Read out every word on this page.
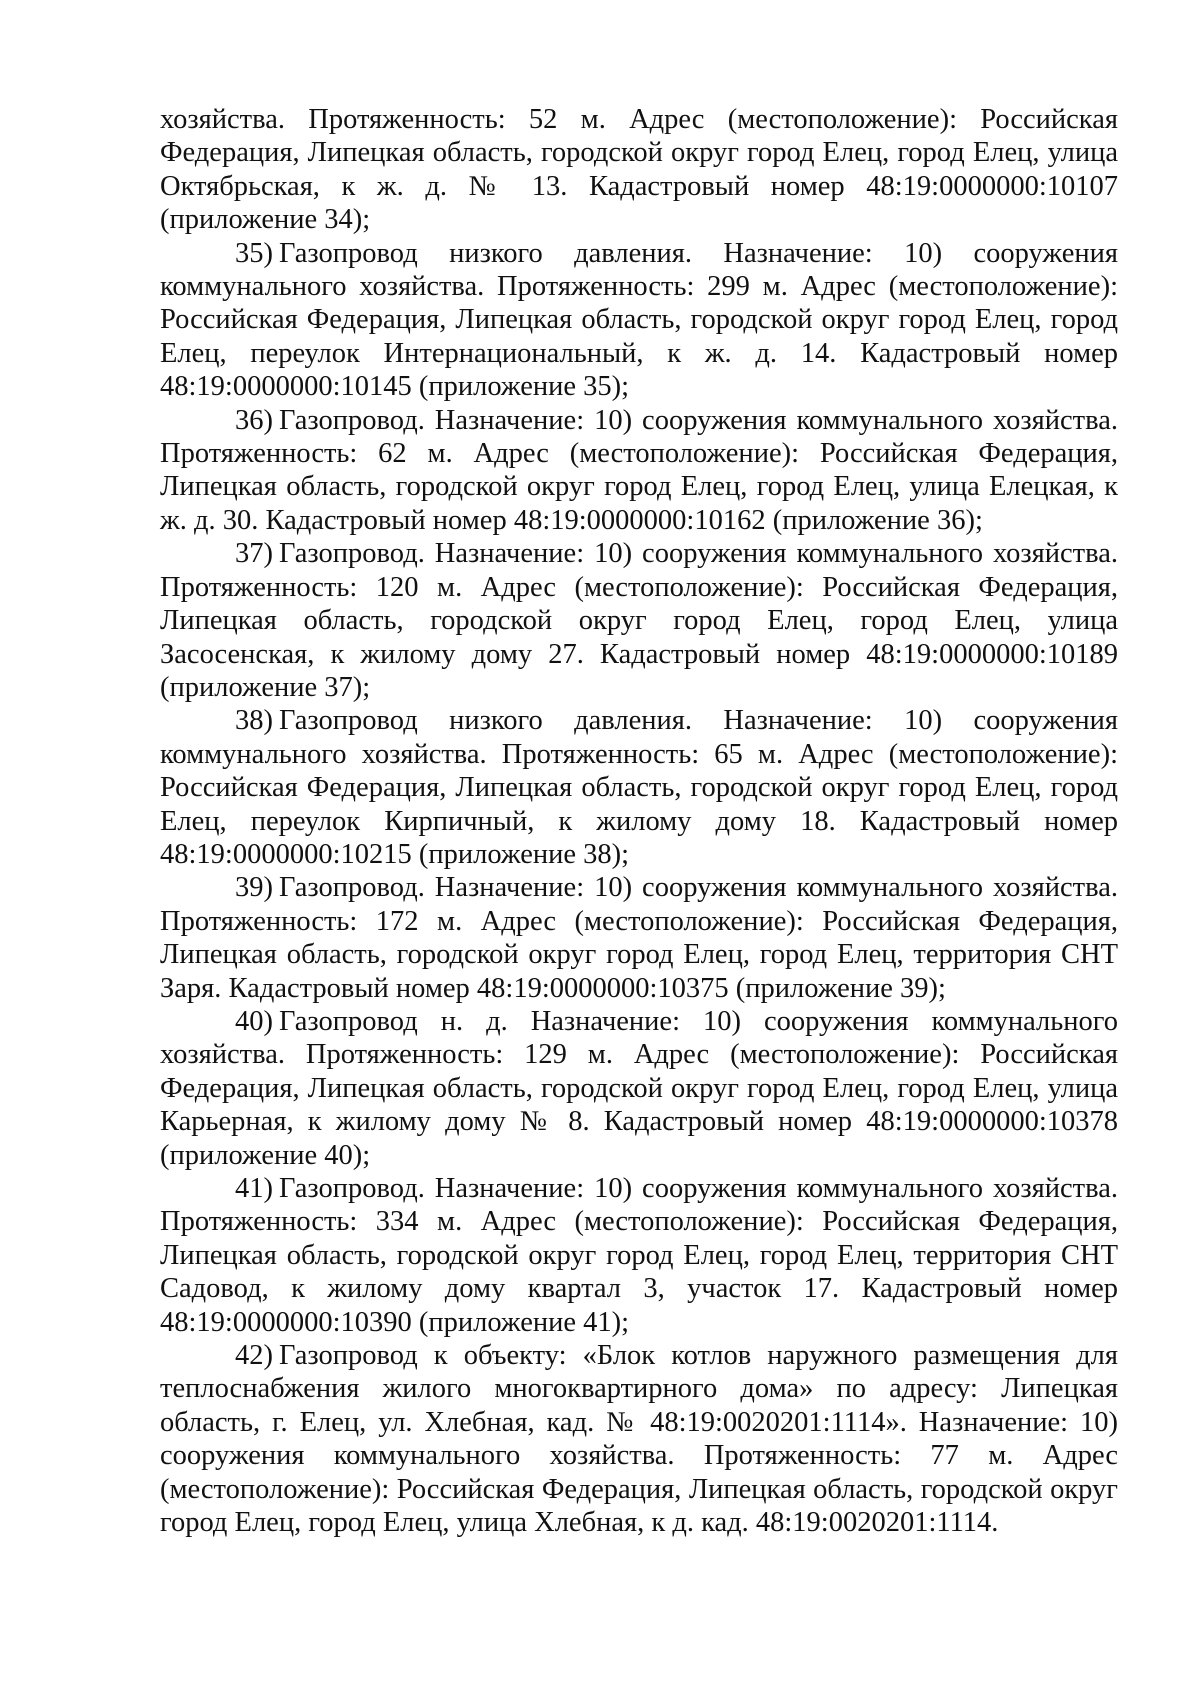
хозяйства. Протяженность: 52 м. Адрес (местоположение): Российская Федерация, Липецкая область, городской округ город Елец, город Елец, улица Октябрьская, к ж. д. № 13. Кадастровый номер 48:19:0000000:10107 (приложение 34);

35) Газопровод низкого давления. Назначение: 10) сооружения коммунального хозяйства. Протяженность: 299 м. Адрес (местоположение): Российская Федерация, Липецкая область, городской округ город Елец, город Елец, переулок Интернациональный, к ж. д. 14. Кадастровый номер 48:19:0000000:10145 (приложение 35);

36) Газопровод. Назначение: 10) сооружения коммунального хозяйства. Протяженность: 62 м. Адрес (местоположение): Российская Федерация, Липецкая область, городской округ город Елец, город Елец, улица Елецкая, к ж. д. 30. Кадастровый номер 48:19:0000000:10162 (приложение 36);

37) Газопровод. Назначение: 10) сооружения коммунального хозяйства. Протяженность: 120 м. Адрес (местоположение): Российская Федерация, Липецкая область, городской округ город Елец, город Елец, улица Засосенская, к жилому дому 27. Кадастровый номер 48:19:0000000:10189 (приложение 37);

38) Газопровод низкого давления. Назначение: 10) сооружения коммунального хозяйства. Протяженность: 65 м. Адрес (местоположение): Российская Федерация, Липецкая область, городской округ город Елец, город Елец, переулок Кирпичный, к жилому дому 18. Кадастровый номер 48:19:0000000:10215 (приложение 38);

39) Газопровод. Назначение: 10) сооружения коммунального хозяйства. Протяженность: 172 м. Адрес (местоположение): Российская Федерация, Липецкая область, городской округ город Елец, город Елец, территория СНТ Заря. Кадастровый номер 48:19:0000000:10375 (приложение 39);

40) Газопровод н. д. Назначение: 10) сооружения коммунального хозяйства. Протяженность: 129 м. Адрес (местоположение): Российская Федерация, Липецкая область, городской округ город Елец, город Елец, улица Карьерная, к жилому дому № 8. Кадастровый номер 48:19:0000000:10378 (приложение 40);

41) Газопровод. Назначение: 10) сооружения коммунального хозяйства. Протяженность: 334 м. Адрес (местоположение): Российская Федерация, Липецкая область, городской округ город Елец, город Елец, территория СНТ Садовод, к жилому дому квартал 3, участок 17. Кадастровый номер 48:19:0000000:10390 (приложение 41);

42) Газопровод к объекту: «Блок котлов наружного размещения для теплоснабжения жилого многоквартирного дома» по адресу: Липецкая область, г. Елец, ул. Хлебная, кад. № 48:19:0020201:1114». Назначение: 10) сооружения коммунального хозяйства. Протяженность: 77 м. Адрес (местоположение): Российская Федерация, Липецкая область, городской округ город Елец, город Елец, улица Хлебная, к д. кад. 48:19:0020201:1114.
